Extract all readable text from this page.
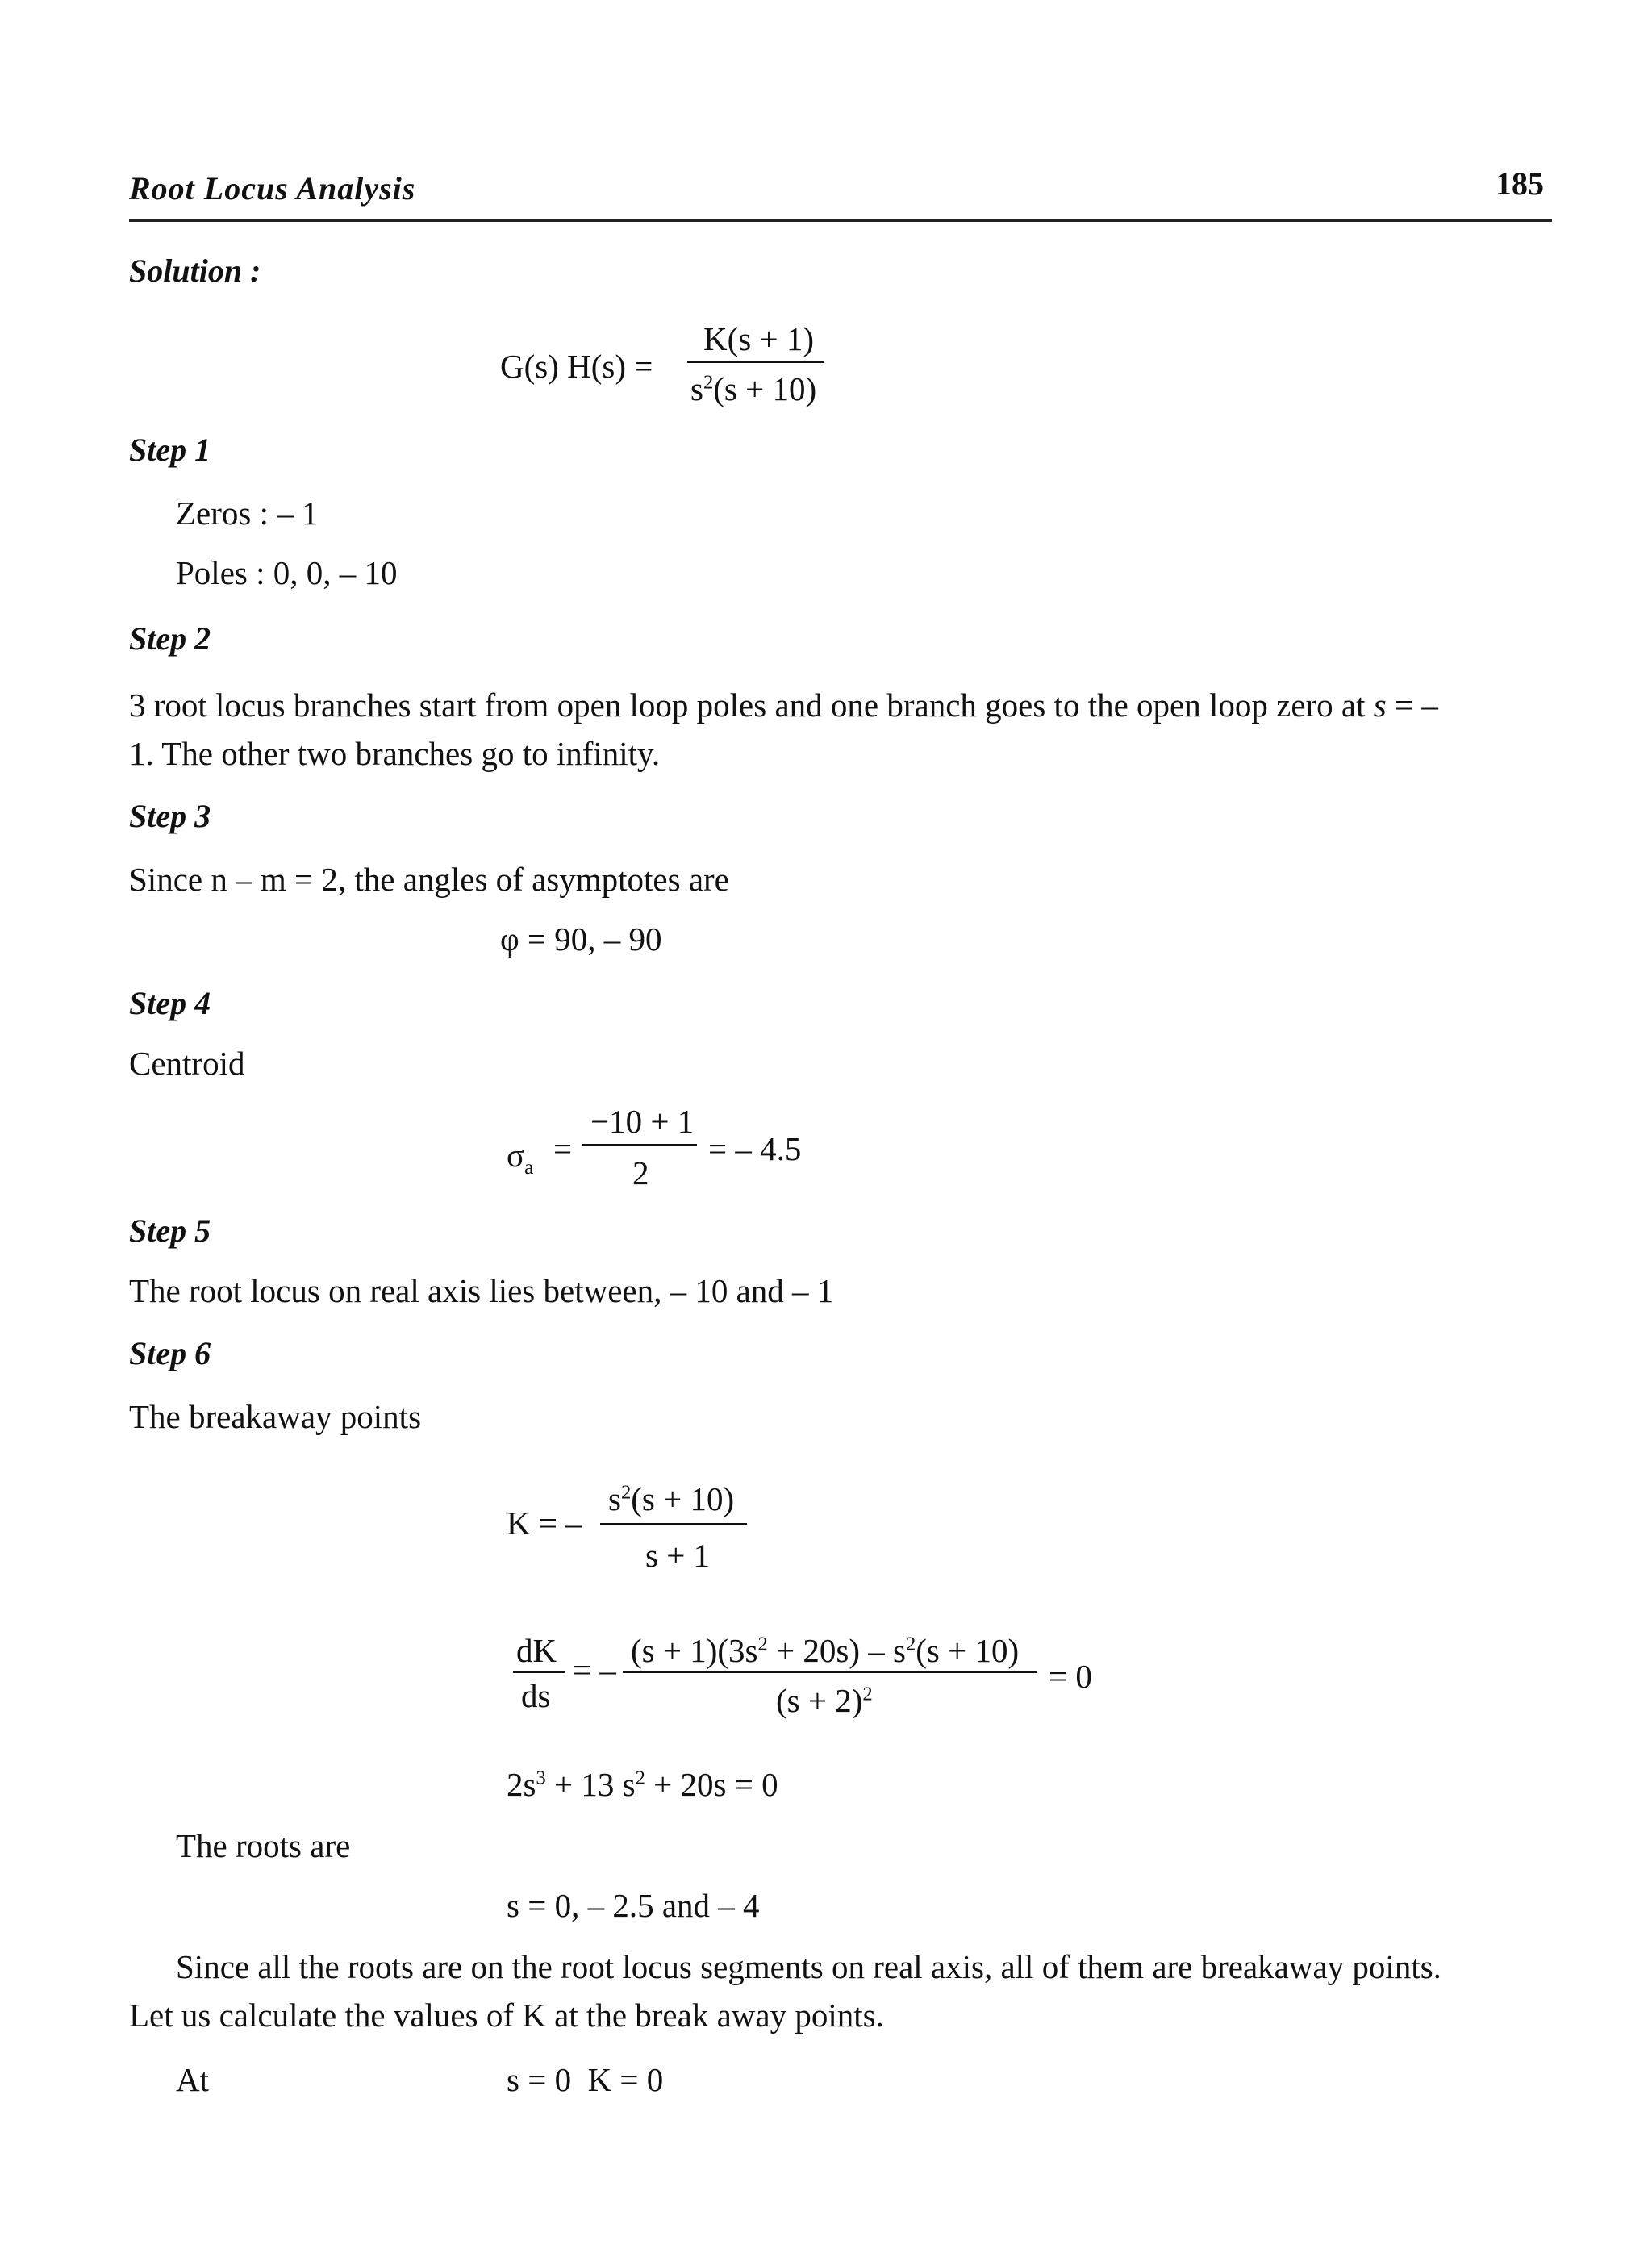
Root Locus Analysis	185
Solution :
G(s) H(s) =
K(s + 1)
$s^2(s + 10)$
Step 1
Zeros : – 1
Poles : 0, 0, – 10
Step 2
3 root locus branches start from open loop poles and one branch goes to the open loop zero at s = –
1. The other two branches go to infinity.
Step 3
Since n – m = 2, the angles of asymptotes are
φ = 90, – 90
Step 4
Centroid
$\sigma_a$
=
−10 + 1
2
= – 4.5
Step 5
The root locus on real axis lies between, – 10 and – 1
Step 6
The breakaway points
K = –
$s^2(s + 10)$
s + 1
dK
ds
= –
$(s + 1)(3s^2 + 20s) - s^2(s + 10)$
$(s + 2)^2$	= 0
$2s^3 + 13$ $s^2 + 20s = 0$
The roots are
s = 0, – 2.5 and – 4
Since all the roots are on the root locus segments on real axis, all of them are breakaway points.
Let us calculate the values of K at the break away points.
At	s = 0  K = 0
